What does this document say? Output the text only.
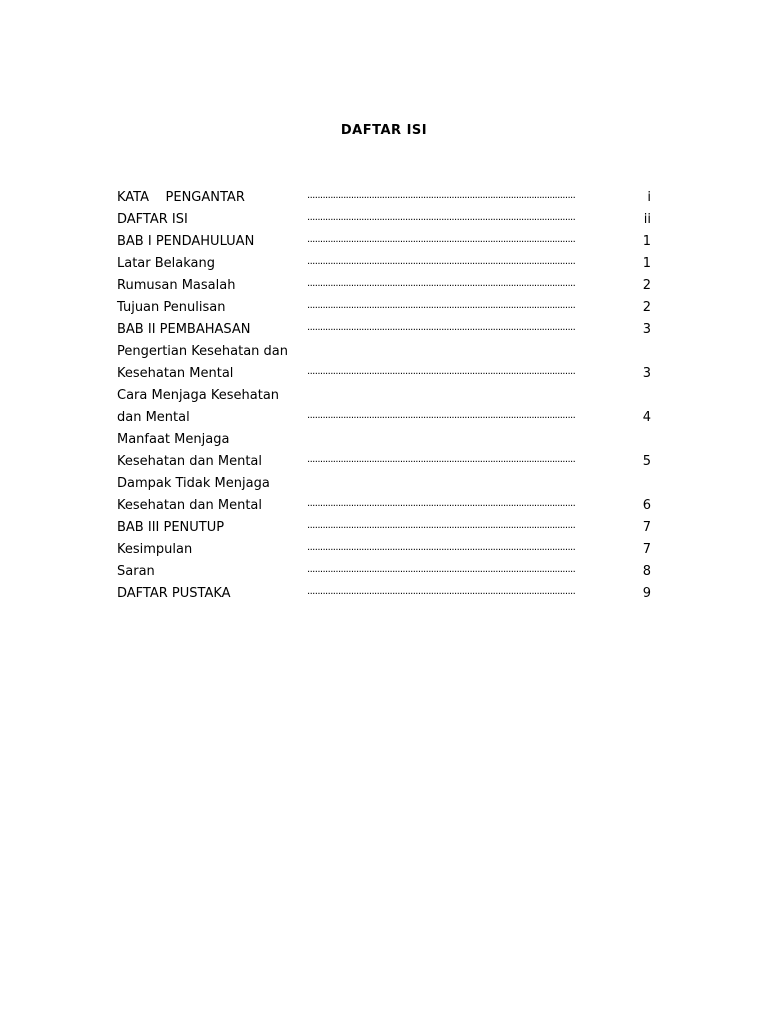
DAFTAR ISI
KATA    PENGANTAR	........................................................................................................	i
DAFTAR ISI	........................................................................................................	ii
BAB I PENDAHULUAN	........................................................................................................	1
Latar Belakang	........................................................................................................	1
Rumusan Masalah	........................................................................................................	2
Tujuan Penulisan	........................................................................................................	2
BAB II PEMBAHASAN	........................................................................................................	3
Pengertian Kesehatan dan
Kesehatan Mental	........................................................................................................	3
Cara Menjaga Kesehatan
dan Mental	........................................................................................................	4
Manfaat Menjaga
Kesehatan dan Mental	........................................................................................................	5
Dampak Tidak Menjaga
Kesehatan dan Mental	........................................................................................................	6
BAB III PENUTUP	........................................................................................................	7
Kesimpulan	........................................................................................................	7
Saran	........................................................................................................	8
DAFTAR PUSTAKA	........................................................................................................	9
